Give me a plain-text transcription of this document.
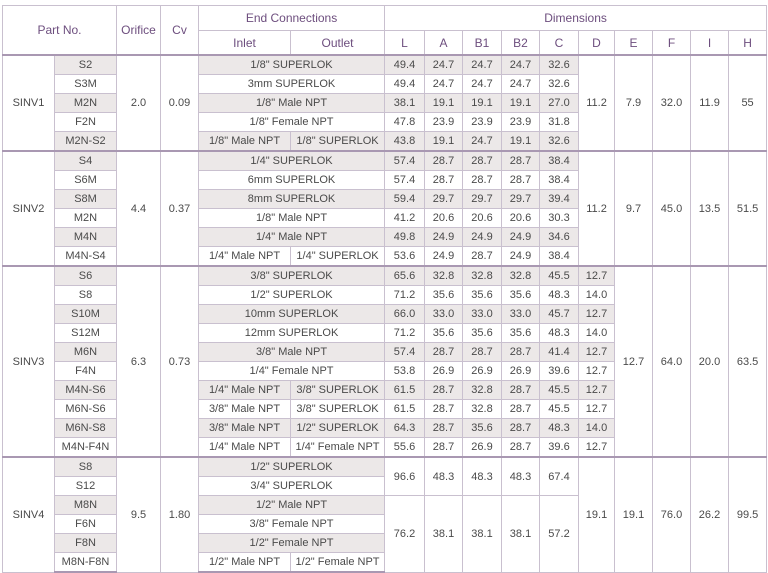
Part No.		Orifice	Cv	End Connections		Dimensions									
				Inlet	Outlet	L	A	B1	B2	C	D	E	F	I	H
SINV1	S2	2.0	0.09	1/8" SUPERLOK		49.4	24.7	24.7	24.7	32.6	11.2	7.9	32.0	11.9	55
	S3M			3mm SUPERLOK		49.4	24.7	24.7	24.7	32.6					
	M2N			1/8" Male NPT		38.1	19.1	19.1	19.1	27.0					
	F2N			1/8" Female NPT		47.8	23.9	23.9	23.9	31.8					
	M2N-S2			1/8" Male NPT	1/8" SUPERLOK	43.8	19.1	24.7	19.1	32.6					
SINV2	S4	4.4	0.37	1/4" SUPERLOK		57.4	28.7	28.7	28.7	38.4	11.2	9.7	45.0	13.5	51.5
	S6M			6mm SUPERLOK		57.4	28.7	28.7	28.7	38.4					
	S8M			8mm SUPERLOK		59.4	29.7	29.7	29.7	39.4					
	M2N			1/8" Male NPT		41.2	20.6	20.6	20.6	30.3					
	M4N			1/4" Male NPT		49.8	24.9	24.9	24.9	34.6					
	M4N-S4			1/4" Male NPT	1/4" SUPERLOK	53.6	24.9	28.7	24.9	38.4					
SINV3	S6	6.3	0.73	3/8" SUPERLOK		65.6	32.8	32.8	32.8	45.5	12.7	12.7	64.0	20.0	63.5
	S8			1/2" SUPERLOK		71.2	35.6	35.6	35.6	48.3	14.0				
	S10M			10mm SUPERLOK		66.0	33.0	33.0	33.0	45.7	12.7				
	S12M			12mm SUPERLOK		71.2	35.6	35.6	35.6	48.3	14.0				
	M6N			3/8" Male NPT		57.4	28.7	28.7	28.7	41.4	12.7				
	F4N			1/4" Female NPT		53.8	26.9	26.9	26.9	39.6	12.7				
	M4N-S6			1/4" Male NPT	3/8" SUPERLOK	61.5	28.7	32.8	28.7	45.5	12.7				
	M6N-S6			3/8" Male NPT	3/8" SUPERLOK	61.5	28.7	32.8	28.7	45.5	12.7				
	M6N-S8			3/8" Male NPT	1/2" SUPERLOK	64.3	28.7	35.6	28.7	48.3	14.0				
	M4N-F4N			1/4" Male NPT	1/4" Female NPT	55.6	28.7	26.9	28.7	39.6	12.7				
SINV4	S8	9.5	1.80	1/2" SUPERLOK		96.6	48.3	48.3	48.3	67.4	19.1	19.1	76.0	26.2	99.5
	S12			3/4" SUPERLOK											
	M8N			1/2" Male NPT		76.2	38.1	38.1	38.1	57.2					
	F6N			3/8" Female NPT											
	F8N			1/2" Female NPT											
	M8N-F8N			1/2" Male NPT	1/2" Female NPT										
